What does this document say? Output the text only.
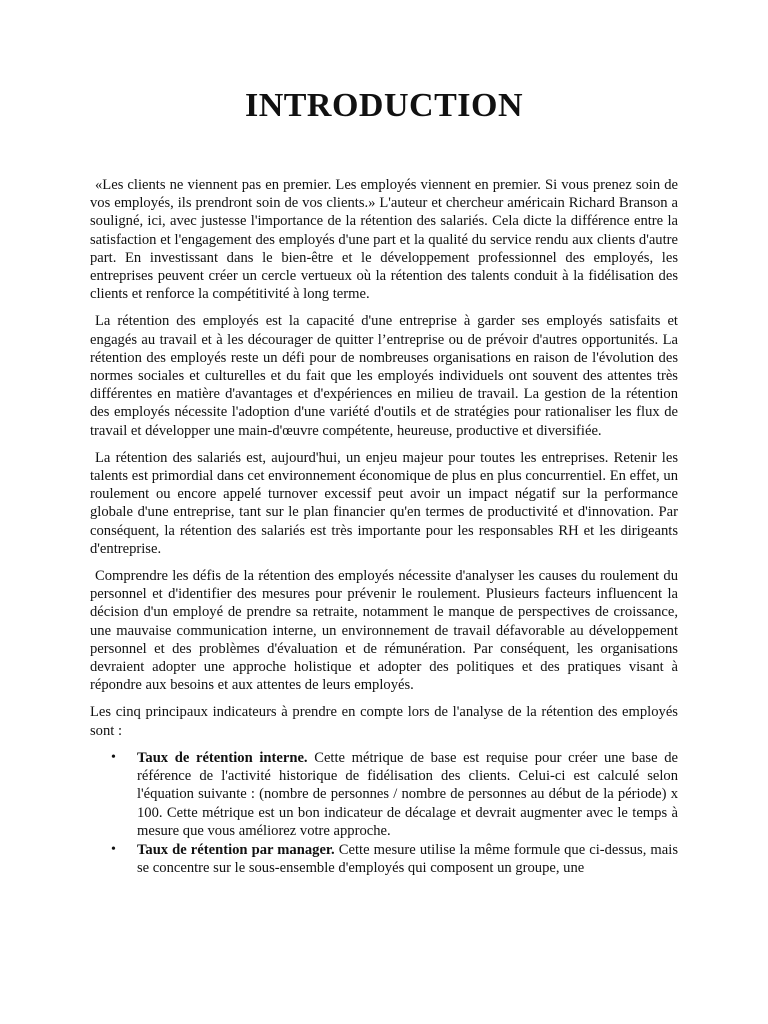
INTRODUCTION

«Les clients ne viennent pas en premier. Les employés viennent en premier. Si vous prenez soin de vos employés, ils prendront soin de vos clients.» L'auteur et chercheur américain Richard Branson a souligné, ici, avec justesse l'importance de la rétention des salariés. Cela dicte la différence entre la satisfaction et l'engagement des employés d'une part et la qualité du service rendu aux clients d'autre part. En investissant dans le bien-être et le développement professionnel des employés, les entreprises peuvent créer un cercle vertueux où la rétention des talents conduit à la fidélisation des clients et renforce la compétitivité à long terme.

La rétention des employés est la capacité d'une entreprise à garder ses employés satisfaits et engagés au travail et à les décourager de quitter l’entreprise ou de prévoir d'autres opportunités. La rétention des employés reste un défi pour de nombreuses organisations en raison de l'évolution des normes sociales et culturelles et du fait que les employés individuels ont souvent des attentes très différentes en matière d'avantages et d'expériences en milieu de travail. La gestion de la rétention des employés nécessite l'adoption d'une variété d'outils et de stratégies pour rationaliser les flux de travail et développer une main-d'œuvre compétente, heureuse, productive et diversifiée.

La rétention des salariés est, aujourd'hui, un enjeu majeur pour toutes les entreprises. Retenir les talents est primordial dans cet environnement économique de plus en plus concurrentiel. En effet, un roulement ou encore appelé turnover excessif peut avoir un impact négatif sur la performance globale d'une entreprise, tant sur le plan financier qu'en termes de productivité et d'innovation. Par conséquent, la rétention des salariés est très importante pour les responsables RH et les dirigeants d'entreprise.

Comprendre les défis de la rétention des employés nécessite d'analyser les causes du roulement du personnel et d'identifier des mesures pour prévenir le roulement. Plusieurs facteurs influencent la décision d'un employé de prendre sa retraite, notamment le manque de perspectives de croissance, une mauvaise communication interne, un environnement de travail défavorable au développement personnel et des problèmes d'évaluation et de rémunération. Par conséquent, les organisations devraient adopter une approche holistique et adopter des politiques et des pratiques visant à répondre aux besoins et aux attentes de leurs employés.

Les cinq principaux indicateurs à prendre en compte lors de l'analyse de la rétention des employés sont :

• Taux de rétention interne. Cette métrique de base est requise pour créer une base de référence de l'activité historique de fidélisation des clients. Celui-ci est calculé selon l'équation suivante : (nombre de personnes / nombre de personnes au début de la période) x 100. Cette métrique est un bon indicateur de décalage et devrait augmenter avec le temps à mesure que vous améliorez votre approche.
• Taux de rétention par manager. Cette mesure utilise la même formule que ci-dessus, mais se concentre sur le sous-ensemble d'employés qui composent un groupe, une
